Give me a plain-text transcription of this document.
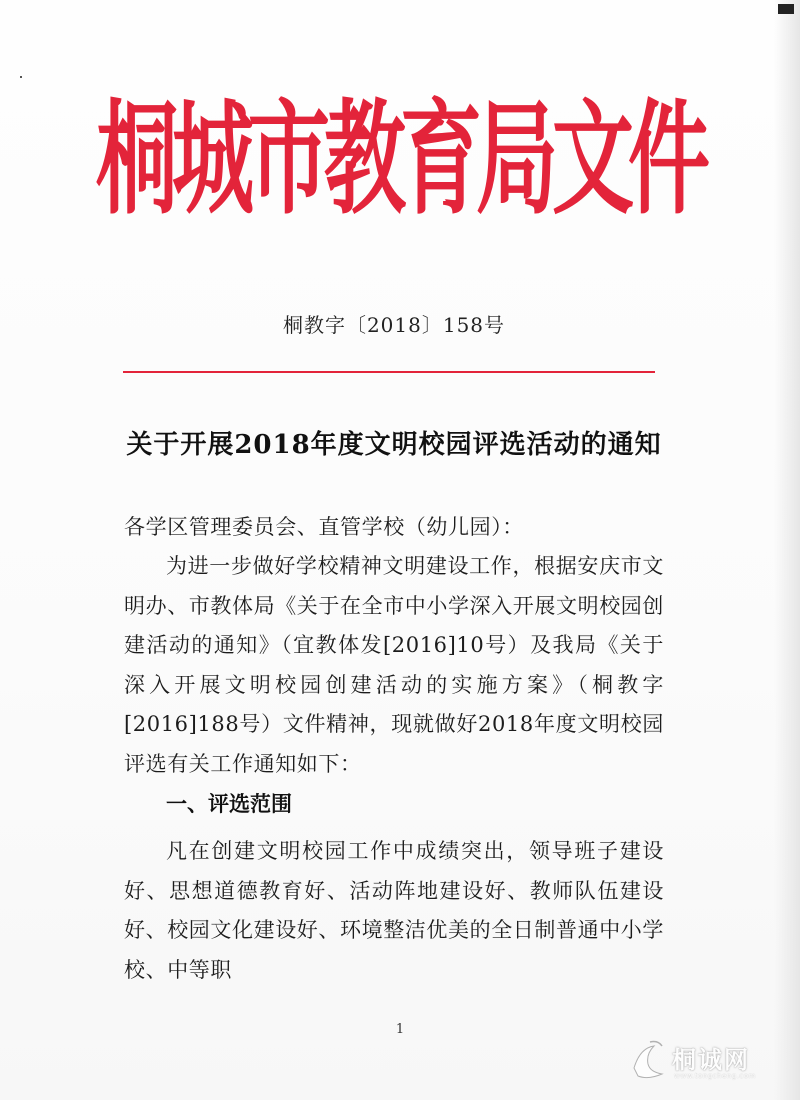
桐城市教育局文件
桐教字〔2018〕158号
关于开展2018年度文明校园评选活动的通知
各学区管理委员会、直管学校（幼儿园）：
为进一步做好学校精神文明建设工作，根据安庆市文明办、市教体局《关于在全市中小学深入开展文明校园创建活动的通知》（宜教体发[2016]10号）及我局《关于深入开展文明校园创建活动的实施方案》（桐教字[2016]188号）文件精神，现就做好2018年度文明校园评选有关工作通知如下：
一、评选范围
凡在创建文明校园工作中成绩突出，领导班子建设好、思想道德教育好、活动阵地建设好、教师队伍建设好、校园文化建设好、环境整洁优美的全日制普通中小学校、中等职
1
桐诚网
www.tongcheng.com
